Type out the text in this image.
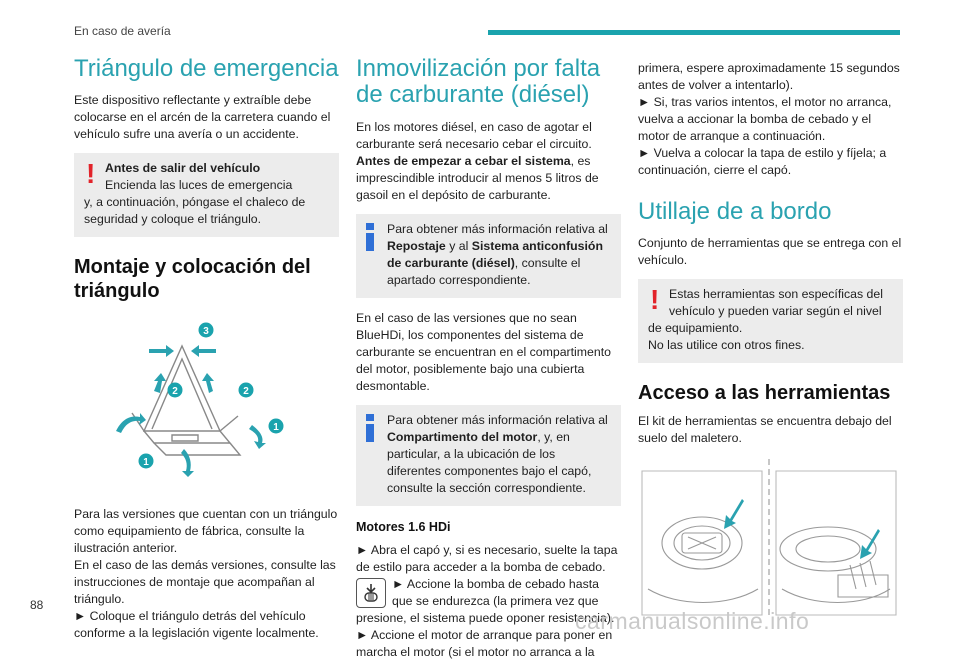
En caso de avería
Triángulo de emergencia

Este dispositivo reflectante y extraíble debe colocarse en el arcén de la carretera cuando el vehículo sufre una avería o un accidente.

! Antes de salir del vehículo
Encienda las luces de emergencia
y, a continuación, póngase el chaleco de seguridad y coloque el triángulo.
Montaje y colocación del triángulo
3
2	2
1
1

Para las versiones que cuentan con un triángulo como equipamiento de fábrica, consulte la ilustración anterior.

En el caso de las demás versiones, consulte las instrucciones de montaje que acompañan al triángulo.

► Coloque el triángulo detrás del vehículo conforme a la legislación vigente localmente.

Inmovilización por falta de carburante (diésel)

En los motores diésel, en caso de agotar el carburante será necesario cebar el circuito. Antes de empezar a cebar el sistema, es imprescindible introducir al menos 5 litros de gasoil en el depósito de carburante.

Para obtener más información relativa al
Repostaje y al Sistema anticonfusión de carburante (diésel), consulte el apartado correspondiente.

En el caso de las versiones que no sean BlueHDi, los componentes del sistema de carburante se encuentran en el compartimento del motor, posiblemente bajo una cubierta desmontable.

Para obtener más información relativa al
Compartimento del motor, y, en particular, a la ubicación de los diferentes componentes bajo el capó, consulte la sección correspondiente.
Motores 1.6 HDi

► Abra el capó y, si es necesario, suelte la tapa de estilo para acceder a la bomba de cebado.

► Accione la bomba de cebado hasta

que se endurezca (la primera vez que

presione, el sistema puede oponer resistencia).

► Accione el motor de arranque para poner en marcha el motor (si el motor no arranca a la

primera, espere aproximadamente 15 segundos antes de volver a intentarlo).

► Si, tras varios intentos, el motor no arranca, vuelva a accionar la bomba de cebado y el motor de arranque a continuación.

► Vuelva a colocar la tapa de estilo y fíjela; a continuación, cierre el capó.

Utillaje de a bordo

Conjunto de herramientas que se entrega con el vehículo.

! Estas herramientas son específicas del
vehículo y pueden variar según el nivel
de equipamiento.
No las utilice con otros fines.
Acceso a las herramientas

El kit de herramientas se encuentra debajo del suelo del maletero.

88
carmanualsonline.info
